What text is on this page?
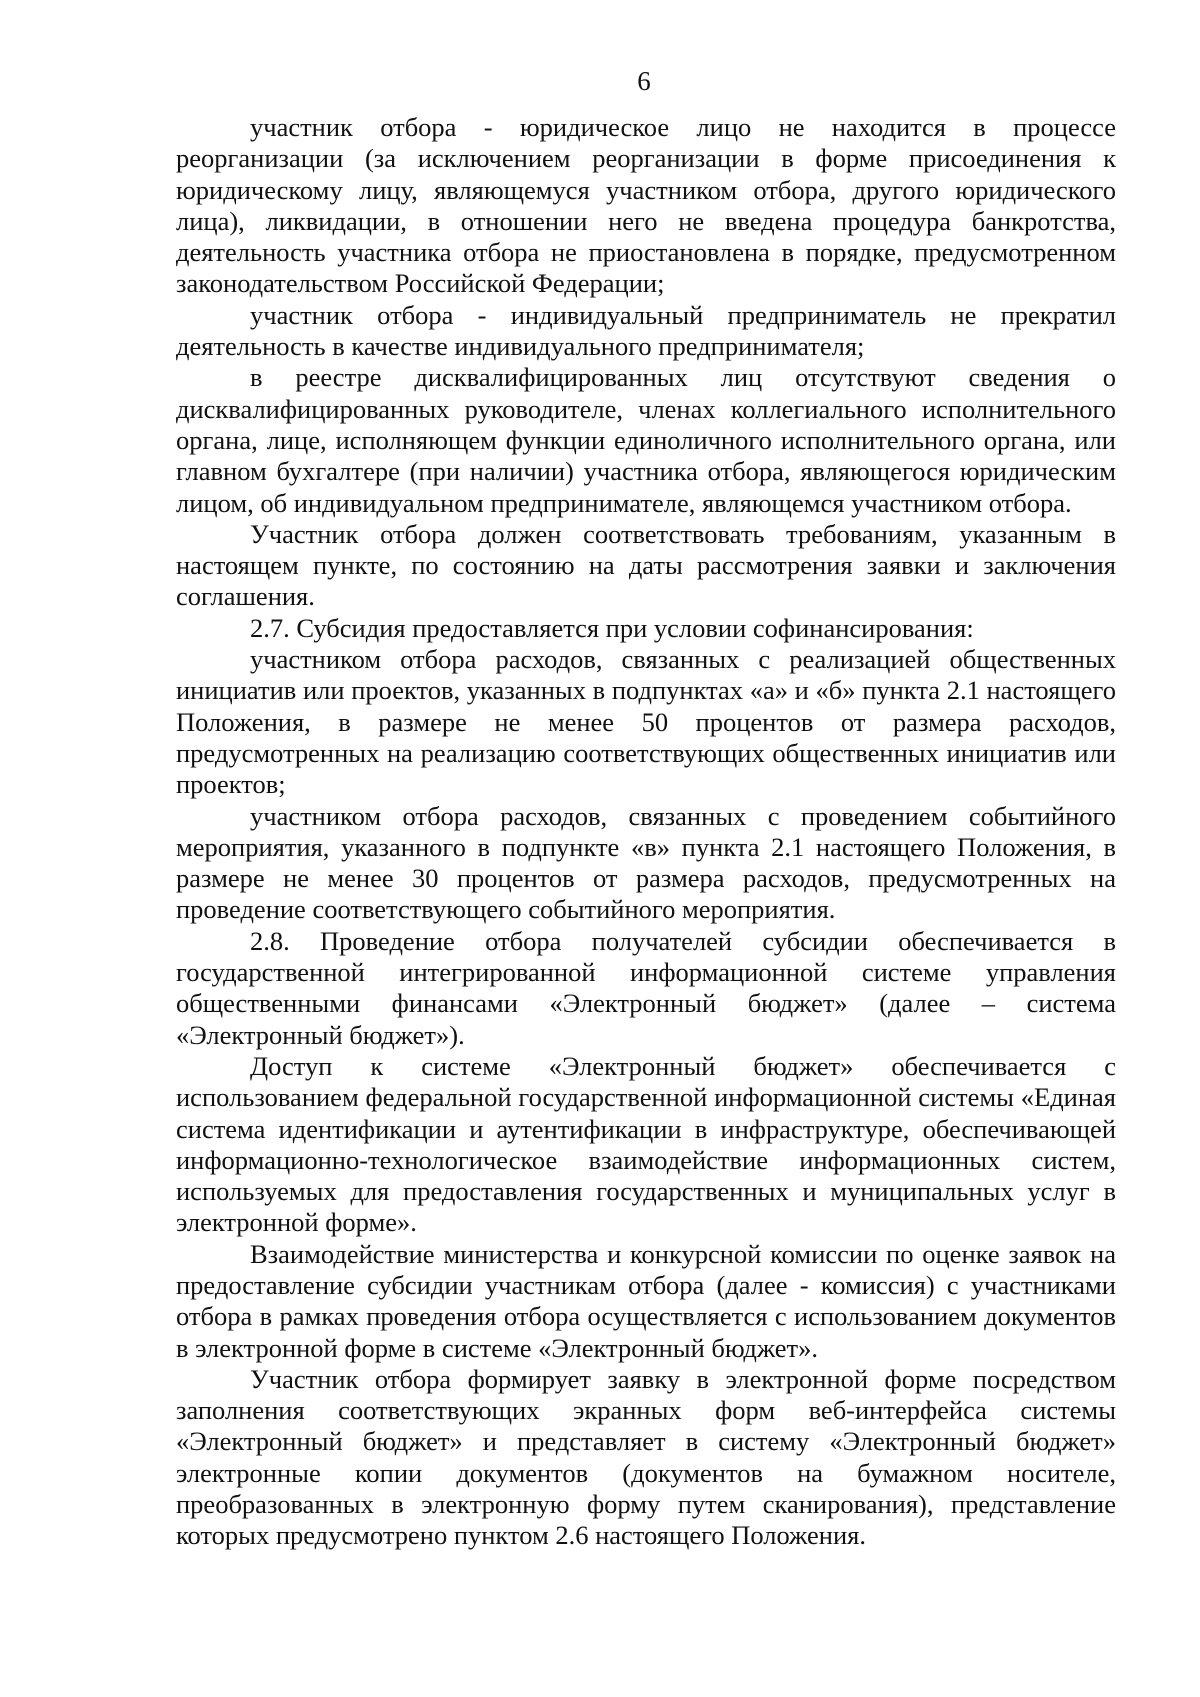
6

участник отбора - юридическое лицо не находится в процессе реорганизации (за исключением реорганизации в форме присоединения к юридическому лицу, являющемуся участником отбора, другого юридического лица), ликвидации, в отношении него не введена процедура банкротства, деятельность участника отбора не приостановлена в порядке, предусмотренном законодательством Российской Федерации;

участник отбора - индивидуальный предприниматель не прекратил деятельность в качестве индивидуального предпринимателя;

в реестре дисквалифицированных лиц отсутствуют сведения о дисквалифицированных руководителе, членах коллегиального исполнительного органа, лице, исполняющем функции единоличного исполнительного органа, или главном бухгалтере (при наличии) участника отбора, являющегося юридическим лицом, об индивидуальном предпринимателе, являющемся участником отбора.

Участник отбора должен соответствовать требованиям, указанным в настоящем пункте, по состоянию на даты рассмотрения заявки и заключения соглашения.

2.7. Субсидия предоставляется при условии софинансирования:

участником отбора расходов, связанных с реализацией общественных инициатив или проектов, указанных в подпунктах «а» и «б» пункта 2.1 настоящего Положения, в размере не менее 50 процентов от размера расходов, предусмотренных на реализацию соответствующих общественных инициатив или проектов;

участником отбора расходов, связанных с проведением событийного мероприятия, указанного в подпункте «в» пункта 2.1 настоящего Положения, в размере не менее 30 процентов от размера расходов, предусмотренных на проведение соответствующего событийного мероприятия.

2.8. Проведение отбора получателей субсидии обеспечивается в государственной интегрированной информационной системе управления общественными финансами «Электронный бюджет» (далее – система «Электронный бюджет»).

Доступ к системе «Электронный бюджет» обеспечивается с использованием федеральной государственной информационной системы «Единая система идентификации и аутентификации в инфраструктуре, обеспечивающей информационно-технологическое взаимодействие информационных систем, используемых для предоставления государственных и муниципальных услуг в электронной форме».

Взаимодействие министерства и конкурсной комиссии по оценке заявок на предоставление субсидии участникам отбора (далее - комиссия) с участниками отбора в рамках проведения отбора осуществляется с использованием документов в электронной форме в системе «Электронный бюджет».

Участник отбора формирует заявку в электронной форме посредством заполнения соответствующих экранных форм веб-интерфейса системы «Электронный бюджет» и представляет в систему «Электронный бюджет» электронные копии документов (документов на бумажном носителе, преобразованных в электронную форму путем сканирования), представление которых предусмотрено пунктом 2.6 настоящего Положения.
